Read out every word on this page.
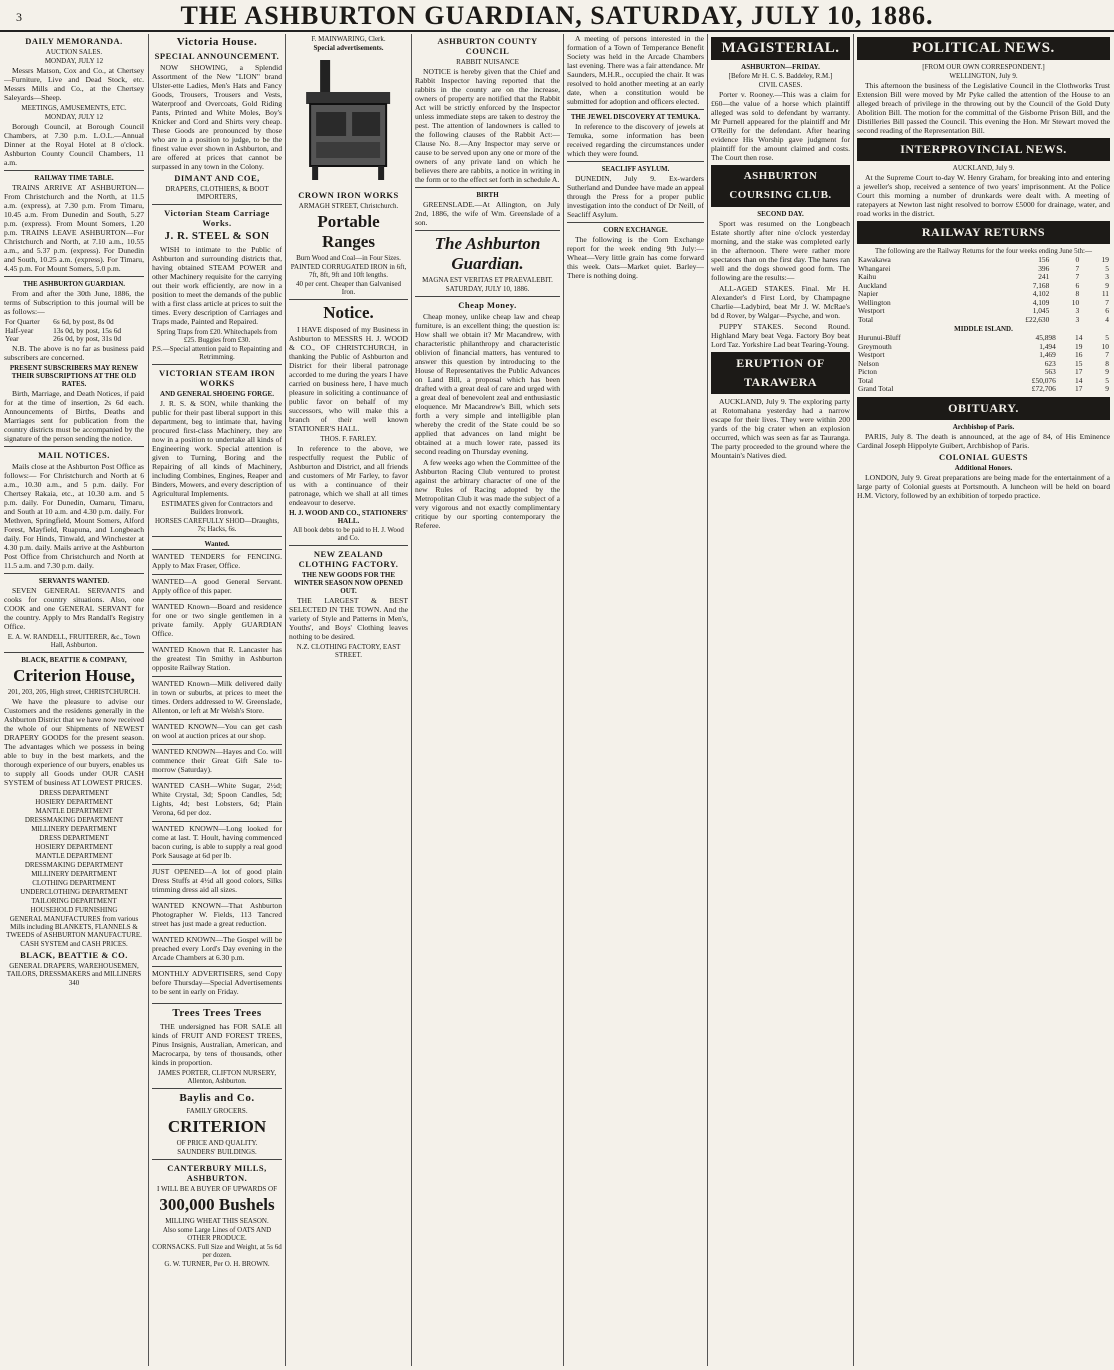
3	THE ASHBURTON GUARDIAN, SATURDAY, JULY 10, 1886.
DAILY MEMORANDA.
AUCTION SALES.
MONDAY, JULY 12

Messrs Matson, Cox and Co., at Chertsey—Furniture, Live and Dead Stock, etc. Messrs Mills and Co., at the Chertsey Saleyards—Sheep.

MEETINGS, AMUSEMENTS, ETC.
MONDAY, JULY 12

Borough Council, at Borough Council Chambers, at 7.30 p.m. L.O.L.—Annual Dinner at the Royal Hotel at 8 o'clock. Ashburton County Council Chambers, 11 a.m.

RAILWAY TIME TABLE.

TRAINS ARRIVE AT ASHBURTON—From Christchurch and the North, at 11.5 a.m. (express), at 7.30 p.m. From Timaru, 10.45 a.m. From Dunedin and South, 5.27 p.m. (express). From Mount Somers, 1.20 p.m. TRAINS LEAVE ASHBURTON—For Christchurch and North, at 7.10 a.m., 10.55 a.m., and 5.37 p.m. (express). For Dunedin and South, 10.25 a.m. (express). For Timaru, 4.45 p.m. For Mount Somers, 5.0 p.m.

THE ASHBURTON GUARDIAN.

From and after the 30th June, 1886, the terms of Subscription to this journal will be as follows:—

For Quarter	6s 6d, by post, 8s 0d
Half-year	13s 0d, by post, 15s 6d
Year	26s 0d, by post, 31s 0d

N.B. The above is no far as business paid subscribers are concerned.

PRESENT SUBSCRIBERS MAY RENEW THEIR SUBSCRIPTIONS AT THE OLD RATES.

Birth, Marriage, and Death Notices, if paid for at the time of insertion, 2s 6d each. Announcements of Births, Deaths and Marriages sent for publication from the country districts must be accompanied by the signature of the person sending the notice.

MAIL NOTICES.

Mails close at the Ashburton Post Office as follows:— For Christchurch and North at 6 a.m., 10.30 a.m., and 5 p.m. daily. For Chertsey Rakaia, etc., at 10.30 a.m. and 5 p.m. daily. For Dunedin, Oamaru, Timaru, and South at 10 a.m. and 4.30 p.m. daily. For Methven, Springfield, Mount Somers, Alford Forest, Mayfield, Ruapuna, and Longbeach daily. For Hinds, Tinwald, and Winchester at 4.30 p.m. daily. Mails arrive at the Ashburton Post Office from Christchurch and North at 11.5 a.m. and 7.30 p.m. daily.

SERVANTS WANTED.

SEVEN GENERAL SERVANTS and cooks for country situations. Also, one COOK and one GENERAL SERVANT for the country. Apply to Mrs Randall's Registry Office.

E. A. W. RANDELL, FRUITERER, &c., Town Hall, Ashburton.
BLACK, BEATTIE & COMPANY,
Criterion House,
201, 203, 205, High street, CHRISTCHURCH.

We have the pleasure to advise our Customers and the residents generally in the Ashburton District that we have now received the whole of our Shipments of NEWEST DRAPERY GOODS for the present season. The advantages which we possess in being able to buy in the best markets, and the thorough experience of our buyers, enables us to supply all Goods under OUR CASH SYSTEM of business AT LOWEST PRICES.

DRESS DEPARTMENT
HOSIERY DEPARTMENT
MANTLE DEPARTMENT
DRESSMAKING DEPARTMENT
MILLINERY DEPARTMENT
DRESS DEPARTMENT
HOSIERY DEPARTMENT
MANTLE DEPARTMENT
DRESSMAKING DEPARTMENT
MILLINERY DEPARTMENT
CLOTHING DEPARTMENT
UNDERCLOTHING DEPARTMENT
TAILORING DEPARTMENT
HOUSEHOLD FURNISHING
GENERAL MANUFACTURES from various Mills including BLANKETS, FLANNELS & TWEEDS of ASHBURTON MANUFACTURE.
CASH SYSTEM and CASH PRICES.
BLACK, BEATTIE & CO.
GENERAL DRAPERS, WAREHOUSEMEN, TAILORS, DRESSMAKERS and MILLINERS
340
Victoria House.
SPECIAL ANNOUNCEMENT.

NOW SHOWING, a Splendid Assortment of the New "LION" brand Ulster-ette Ladies, Men's Hats and Fancy Goods, Trousers, Trousers and Vests, Waterproof and Overcoats, Gold Riding Pants, Printed and White Moles, Boy's Knicker and Cord and Shirts very cheap. These Goods are pronounced by those who are in a position to judge, to be the finest value ever shown in Ashburton, and are offered at prices that cannot be surpassed in any town in the Colony.

DIMANT AND COE,
DRAPERS, CLOTHIERS, & BOOT IMPORTERS,
Victorian Steam Carriage Works.
J. R. STEEL & SON

WISH to intimate to the Public of Ashburton and surrounding districts that, having obtained STEAM POWER and other Machinery requisite for the carrying out their work efficiently, are now in a position to meet the demands of the public with a first class article at prices to suit the times. Every description of Carriages and Traps made, Painted and Repaired.

Spring Traps from £20. Whitechapels from £25. Buggies from £30.
P.S.—Special attention paid to Repainting and Retrimming.
VICTORIAN STEAM IRON WORKS
AND GENERAL SHOEING FORGE.

J. R. S. & SON, while thanking the public for their past liberal support in this department, beg to intimate that, having procured first-class Machinery, they are now in a position to undertake all kinds of Engineering work. Special attention is given to Turning, Boring and the Repairing of all kinds of Machinery, including Combines, Engines, Reaper and Binders, Mowers, and every description of Agricultural Implements.

ESTIMATES given for Contractors and Builders Ironwork.
HORSES CAREFULLY SHOD—Draughts, 7s; Hacks, 6s.
Wanted.

WANTED TENDERS for FENCING. Apply to Max Fraser, Office.

WANTED—A good General Servant. Apply office of this paper.

WANTED Known—Board and residence for one or two single gentlemen in a private family. Apply GUARDIAN Office.

WANTED Known that R. Lancaster has the greatest Tin Smithy in Ashburton opposite Railway Station.

WANTED Known—Milk delivered daily in town or suburbs, at prices to meet the times. Orders addressed to W. Greenslade, Allenton, or left at Mr Welsh's Store.

WANTED KNOWN—You can get cash on wool at auction prices at our shop.

WANTED KNOWN—Hayes and Co. will commence their Great Gift Sale to-morrow (Saturday).

WANTED CASH—White Sugar, 2½d; White Crystal, 3d; Spoon Candles, 5d; Lights, 4d; best Lobsters, 6d; Plain Verona, 6d per doz.

WANTED KNOWN—Long looked for come at last. T. Hoult, having commenced bacon curing, is able to supply a real good Pork Sausage at 6d per lb.

JUST OPENED—A lot of good plain Dress Stuffs at 4½d all good colors, Silks trimming dress aid all sizes.

WANTED KNOWN—That Ashburton Photographer W. Fields, 113 Tancred street has just made a great reduction.

WANTED KNOWN—The Gospel will be preached every Lord's Day evening in the Arcade Chambers at 6.30 p.m.

MONTHLY ADVERTISERS, send Copy before Thursday—Special Advertisements to be sent in early on Friday.

Trees Trees Trees

THE undersigned has FOR SALE all kinds of FRUIT AND FOREST TREES, Pinus Insignis, Australian, American, and Macrocarpa, by tens of thousands, other kinds in proportion.

JAMES PORTER, CLIFTON NURSERY, Allenton, Ashburton.
Baylis and Co.
FAMILY GROCERS.
CRITERION
OF PRICE AND QUALITY.
SAUNDERS' BUILDINGS.
CANTERBURY MILLS, ASHBURTON.
I WILL BE A BUYER OF UPWARDS OF
300,000 Bushels
MILLING WHEAT THIS SEASON.
Also some Large Lines of OATS AND OTHER PRODUCE.
CORNSACKS. Full Size and Weight, at 5s 6d per dozen.
G. W. TURNER, Per O. H. BROWN.
F. MAINWARING, Clerk.
Special advertisements.
CROWN IRON WORKS
ARMAGH STREET, Christchurch.
Portable Ranges
Burn Wood and Coal—in Four Sizes.
PAINTED CORRUGATED IRON in 6ft, 7ft, 8ft, 9ft and 10ft lengths.
40 per cent. Cheaper than Galvanised Iron.
Notice.

I HAVE disposed of my Business in Ashburton to MESSRS H. J. WOOD & CO., OF CHRISTCHURCH, in thanking the Public of Ashburton and District for their liberal patronage accorded to me during the years I have carried on business here, I have much pleasure in soliciting a continuance of public favor on behalf of my successors, who will make this a branch of their well known STATIONER'S HALL.

THOS. F. FARLEY.

In reference to the above, we respectfully request the Public of Ashburton and District, and all friends and customers of Mr Farley, to favor us with a continuance of their patronage, which we shall at all times endeavour to deserve.

H. J. WOOD AND CO., STATIONERS' HALL.
All book debts to be paid to H. J. Wood and Co.
NEW ZEALAND CLOTHING FACTORY.
THE NEW GOODS FOR THE WINTER SEASON NOW OPENED OUT.

THE LARGEST & BEST SELECTED IN THE TOWN. And the variety of Style and Patterns in Men's, Youths', and Boys' Clothing leaves nothing to be desired.

N.Z. CLOTHING FACTORY, EAST STREET.
ASHBURTON COUNTY COUNCIL
RABBIT NUISANCE

NOTICE is hereby given that the Chief and Rabbit Inspector having reported that the rabbits in the county are on the increase, owners of property are notified that the Rabbit Act will be strictly enforced by the Inspector unless immediate steps are taken to destroy the pest. The attention of landowners is called to the following clauses of the Rabbit Act:— Clause No. 8.—Any Inspector may serve or cause to be served upon any one or more of the owners of any private land on which he believes there are rabbits, a notice in writing in the form or to the effect set forth in schedule A.

BIRTH

GREENSLADE.—At Allington, on July 2nd, 1886, the wife of Wm. Greenslade of a son.

The Ashburton Guardian.
MAGNA EST VERITAS ET PRAEVALEBIT.
SATURDAY, JULY 10, 1886.
Cheap Money.

Cheap money, unlike cheap law and cheap furniture, is an excellent thing; the question is: How shall we obtain it? Mr Macandrew, with characteristic philanthropy and characteristic oblivion of financial matters, has ventured to answer this question by introducing to the House of Representatives the Public Advances on Land Bill, a proposal which has been drafted with a great deal of care and urged with a great deal of benevolent zeal and enthusiastic eloquence. Mr Macandrew's Bill, which sets forth a very simple and intelligible plan whereby the credit of the State could be so applied that advances on land might be obtained at a much lower rate, passed its second reading on Thursday evening.

A few weeks ago when the Committee of the Ashburton Racing Club ventured to protest against the arbitrary character of one of the new Rules of Racing adopted by the Metropolitan Club it was made the subject of a very vigorous and not exactly complimentary critique by our sporting contemporary the Referee.

A meeting of persons interested in the formation of a Town of Temperance Benefit Society was held in the Arcade Chambers last evening. There was a fair attendance. Mr Saunders, M.H.R., occupied the chair. It was resolved to hold another meeting at an early date, when a constitution would be submitted for adoption and officers elected.

THE JEWEL DISCOVERY AT TEMUKA.

In reference to the discovery of jewels at Temuka, some information has been received regarding the circumstances under which they were found.

SEACLIFF ASYLUM.

DUNEDIN, July 9. Ex-warders Sutherland and Dundee have made an appeal through the Press for a proper public investigation into the conduct of Dr Neill, of Seacliff Asylum.

CORN EXCHANGE.

The following is the Corn Exchange report for the week ending 9th July:— Wheat—Very little grain has come forward this week. Oats—Market quiet. Barley—There is nothing doing.

MAGISTERIAL.
ASHBURTON—FRIDAY.
[Before Mr H. C. S. Baddeley, R.M.]
CIVIL CASES.

Porter v. Rooney.—This was a claim for £60—the value of a horse which plaintiff alleged was sold to defendant by warranty. Mr Purnell appeared for the plaintiff and Mr O'Reilly for the defendant. After hearing evidence His Worship gave judgment for plaintiff for the amount claimed and costs. The Court then rose.

ASHBURTON COURSING CLUB.
SECOND DAY.

Sport was resumed on the Longbeach Estate shortly after nine o'clock yesterday morning, and the stake was completed early in the afternoon. There were rather more spectators than on the first day. The hares ran well and the dogs showed good form. The following are the results:—

ALL-AGED STAKES. Final. Mr H. Alexander's d First Lord, by Champagne Charlie—Ladybird, beat Mr J. W. McRae's bd d Rover, by Walgar—Psyche, and won.

PUPPY STAKES. Second Round. Highland Mary beat Vega. Factory Boy beat Lord Taz. Yorkshire Lad beat Tearing-Young.

ERUPTION OF TARAWERA

AUCKLAND, July 9. The exploring party at Rotomahana yesterday had a narrow escape for their lives. They were within 200 yards of the big crater when an explosion occurred, which was seen as far as Tauranga. The party proceeded to the ground where the Mountain's Natives died.

POLITICAL NEWS.
[FROM OUR OWN CORRESPONDENT.]
WELLINGTON, July 9.

This afternoon the business of the Legislative Council in the Clothworks Trust Extension Bill were moved by Mr Pyke called the attention of the House to an alleged breach of privilege in the throwing out by the Council of the Gold Duty Abolition Bill. The motion for the committal of the Gisborne Prison Bill, and the Distilleries Bill passed the Council. This evening the Hon. Mr Stewart moved the second reading of the Representation Bill.

INTERPROVINCIAL NEWS.
AUCKLAND, July 9.

At the Supreme Court to-day W. Henry Graham, for breaking into and entering a jeweller's shop, received a sentence of two years' imprisonment. At the Police Court this morning a number of drunkards were dealt with. A meeting of ratepayers at Newton last night resolved to borrow £5000 for drainage, water, and road works in the district.

RAILWAY RETURNS
The following are the Railway Returns for the four weeks ending June 5th:—
Kawakawa	156	0	19
Whangarei	396	7	5
Kaihu	241	7	3
Auckland	7,168	6	9
Napier	4,102	8	11
Wellington	4,109	10	7
Westport	1,045	3	6
Total	£22,630	3	4
MIDDLE ISLAND.
Hurunui-Bluff	45,898	14	5
Greymouth	1,494	19	10
Westport	1,469	16	7
Nelson	623	15	8
Picton	563	17	9
Total	£50,076	14	5
Grand Total	£72,706	17	9
OBITUARY.
Archbishop of Paris.

PARIS, July 8. The death is announced, at the age of 84, of His Eminence Cardinal Joseph Hippolyte Guibert, Archbishop of Paris.

COLONIAL GUESTS
Additional Honors.

LONDON, July 9. Great preparations are being made for the entertainment of a large party of Colonial guests at Portsmouth. A luncheon will be held on board H.M. Victory, followed by an exhibition of torpedo practice.
